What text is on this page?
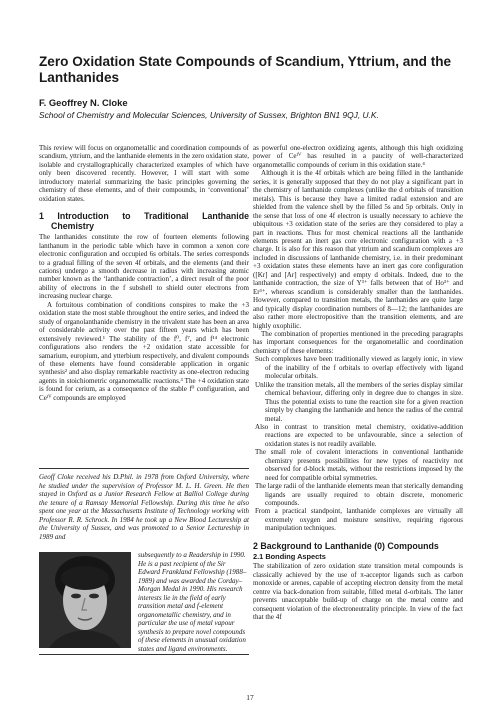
Zero Oxidation State Compounds of Scandium, Yttrium, and the Lanthanides

F. Geoffrey N. Cloke

School of Chemistry and Molecular Sciences, University of Sussex, Brighton BN1 9QJ, U.K.

This review will focus on organometallic and coordination compounds of scandium, yttrium, and the lanthanide elements in the zero oxidation state, isolable and crystallographically characterized examples of which have only been discovered recently. However, I will start with some introductory material summarizing the basic principles governing the chemistry of these elements, and of their compounds, in ‘conventional’ oxidation states.

1 Introduction to Traditional Lanthanide Chemistry

The lanthanides constitute the row of fourteen elements following lanthanum in the periodic table which have in common a xenon core electronic configuration and occupied 6s orbitals. The series corresponds to a gradual filling of the seven 4f orbitals, and the elements (and their cations) undergo a smooth decrease in radius with increasing atomic number known as the ‘lanthanide contraction’, a direct result of the poor ability of electrons in the f subshell to shield outer electrons from increasing nuclear charge.

A fortuitous combination of conditions conspires to make the +3 oxidation state the most stable throughout the entire series, and indeed the study of organolanthanide chemistry in the trivalent state has been an area of considerable activity over the past fifteen years which has been extensively reviewed.¹ The stability of the f⁰, f⁷, and f¹⁴ electronic configurations also renders the +2 oxidation state accessible for samarium, europium, and ytterbium respectively, and divalent compounds of these elements have found considerable application in organic synthesis² and also display remarkable reactivity as one-electron reducing agents in stoichiometric organometallic reactions.³ The +4 oxidation state is found for cerium, as a consequence of the stable f⁰ configuration, and Ceᴵⱽ compounds are employed

Geoff Cloke received his D.Phil. in 1978 from Oxford University, where he studied under the supervision of Professor M. L. H. Green. He then stayed in Oxford as a Junior Research Fellow at Balliol College during the tenure of a Ramsay Memorial Fellowship. During this time he also spent one year at the Massachusetts Institute of Technology working with Professor R. R. Schrock. In 1984 he took up a New Blood Lectureship at the University of Sussex, and was promoted to a Senior Lectureship in 1989 and

subsequently to a Readership in 1990. He is a past recipient of the Sir Edward Frankland Fellowship (1988–1989) and was awarded the Corday–Morgan Medal in 1990. His research interests lie in the field of early transition metal and f-element organometallic chemistry, and in particular the use of metal vapour synthesis to prepare novel compounds of these elements in unusual oxidation states and ligand environments.

as powerful one-electron oxidizing agents, although this high oxidizing power of Ceᴵⱽ has resulted in a paucity of well-characterized organometallic compounds of cerium in this oxidation state.⁴

Although it is the 4f orbitals which are being filled in the lanthanide series, it is generally supposed that they do not play a significant part in the chemistry of lanthanide complexes (unlike the d orbitals of transition metals). This is because they have a limited radial extension and are shielded from the valence shell by the filled 5s and 5p orbitals. Only in the sense that loss of one 4f electron is usually necessary to achieve the ubiquitous +3 oxidation state of the series are they considered to play a part in reactions. Thus for most chemical reactions all the lanthanide elements present an inert gas core electronic configuration with a +3 charge. It is also for this reason that yttrium and scandium complexes are included in discussions of lanthanide chemistry, i.e. in their predominant +3 oxidation states these elements have an inert gas core configuration ([Kr] and [Ar] respectively) and empty d orbitals. Indeed, due to the lanthanide contraction, the size of Y³⁺ falls between that of Ho³⁺ and Er³⁺, whereas scandium is considerably smaller than the lanthanides. However, compared to transition metals, the lanthanides are quite large and typically display coordination numbers of 8—12; the lanthanides are also rather more electropositive than the transition elements, and are highly oxophilic.

The combination of properties mentioned in the preceding paragraphs has important consequences for the organometallic and coordination chemistry of these elements:

Such complexes have been traditionally viewed as largely ionic, in view of the inability of the f orbitals to overlap effectively with ligand molecular orbitals.
Unlike the transition metals, all the members of the series display similar chemical behaviour, differing only in degree due to changes in size. Thus the potential exists to tune the reaction site for a given reaction simply by changing the lanthanide and hence the radius of the central metal.
Also in contrast to transition metal chemistry, oxidative-addition reactions are expected to be unfavourable, since a selection of oxidation states is not readily available.
The small role of covalent interactions in conventional lanthanide chemistry presents possibilities for new types of reactivity not observed for d-block metals, without the restrictions imposed by the need for compatible orbital symmetries.
The large radii of the lanthanide elements mean that sterically demanding ligands are usually required to obtain discrete, monomeric compounds.
From a practical standpoint, lanthanide complexes are virtually all extremely oxygen and moisture sensitive, requiring rigorous manipulation techniques.
2 Background to Lanthanide (0) Compounds
2.1 Bonding Aspects

The stabilization of zero oxidation state transition metal compounds is classically achieved by the use of π-acceptor ligands such as carbon monoxide or arenes, capable of accepting electron density from the metal centre via back-donation from suitable, filled metal d-orbitals. The latter prevents unacceptable build-up of charge on the metal centre and consequent violation of the electroneutrality principle. In view of the fact that the 4f

17
